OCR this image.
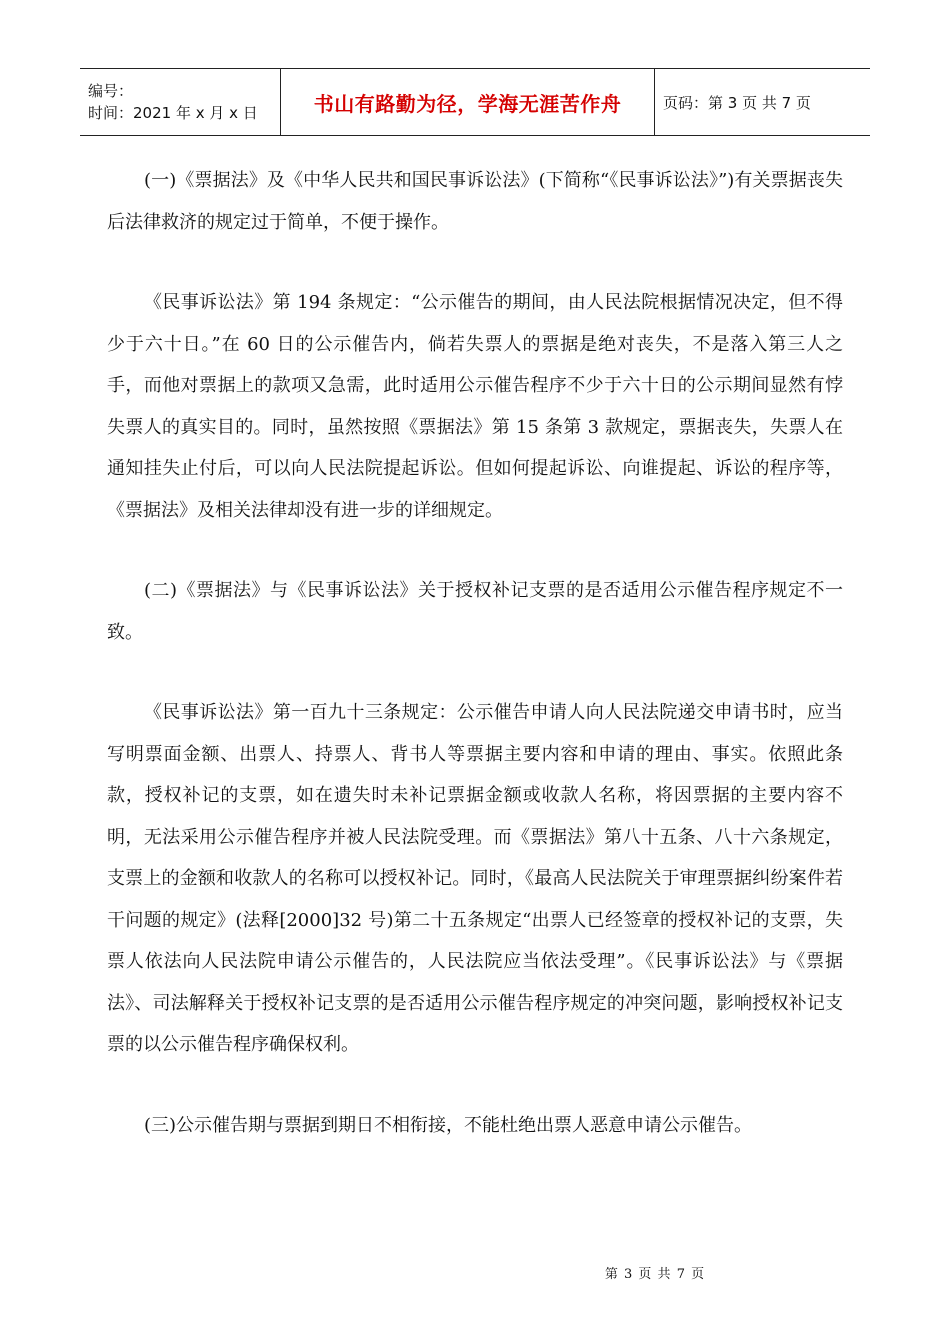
编号：
时间：2021 年 x 月 x 日	书山有路勤为径，学海无涯苦作舟	页码：第 3 页 共 7 页

(一)《票据法》及《中华人民共和国民事诉讼法》(下简称“《民事诉讼法》”)有关票据丧失后法律救济的规定过于简单，不便于操作。

《民事诉讼法》第 194 条规定：“公示催告的期间，由人民法院根据情况决定，但不得少于六十日。”在 60 日的公示催告内，倘若失票人的票据是绝对丧失，不是落入第三人之手，而他对票据上的款项又急需，此时适用公示催告程序不少于六十日的公示期间显然有悖失票人的真实目的。同时，虽然按照《票据法》第 15 条第 3 款规定，票据丧失，失票人在通知挂失止付后，可以向人民法院提起诉讼。但如何提起诉讼、向谁提起、诉讼的程序等，《票据法》及相关法律却没有进一步的详细规定。

(二)《票据法》与《民事诉讼法》关于授权补记支票的是否适用公示催告程序规定不一致。

《民事诉讼法》第一百九十三条规定：公示催告申请人向人民法院递交申请书时，应当写明票面金额、出票人、持票人、背书人等票据主要内容和申请的理由、事实。依照此条款，授权补记的支票，如在遗失时未补记票据金额或收款人名称，将因票据的主要内容不明，无法采用公示催告程序并被人民法院受理。而《票据法》第八十五条、八十六条规定，支票上的金额和收款人的名称可以授权补记。同时，《最高人民法院关于审理票据纠纷案件若干问题的规定》(法释[2000]32 号)第二十五条规定“出票人已经签章的授权补记的支票，失票人依法向人民法院申请公示催告的，人民法院应当依法受理”。《民事诉讼法》与《票据法》、司法解释关于授权补记支票的是否适用公示催告程序规定的冲突问题，影响授权补记支票的以公示催告程序确保权利。

(三)公示催告期与票据到期日不相衔接，不能杜绝出票人恶意申请公示催告。

第 3 页 共 7 页
